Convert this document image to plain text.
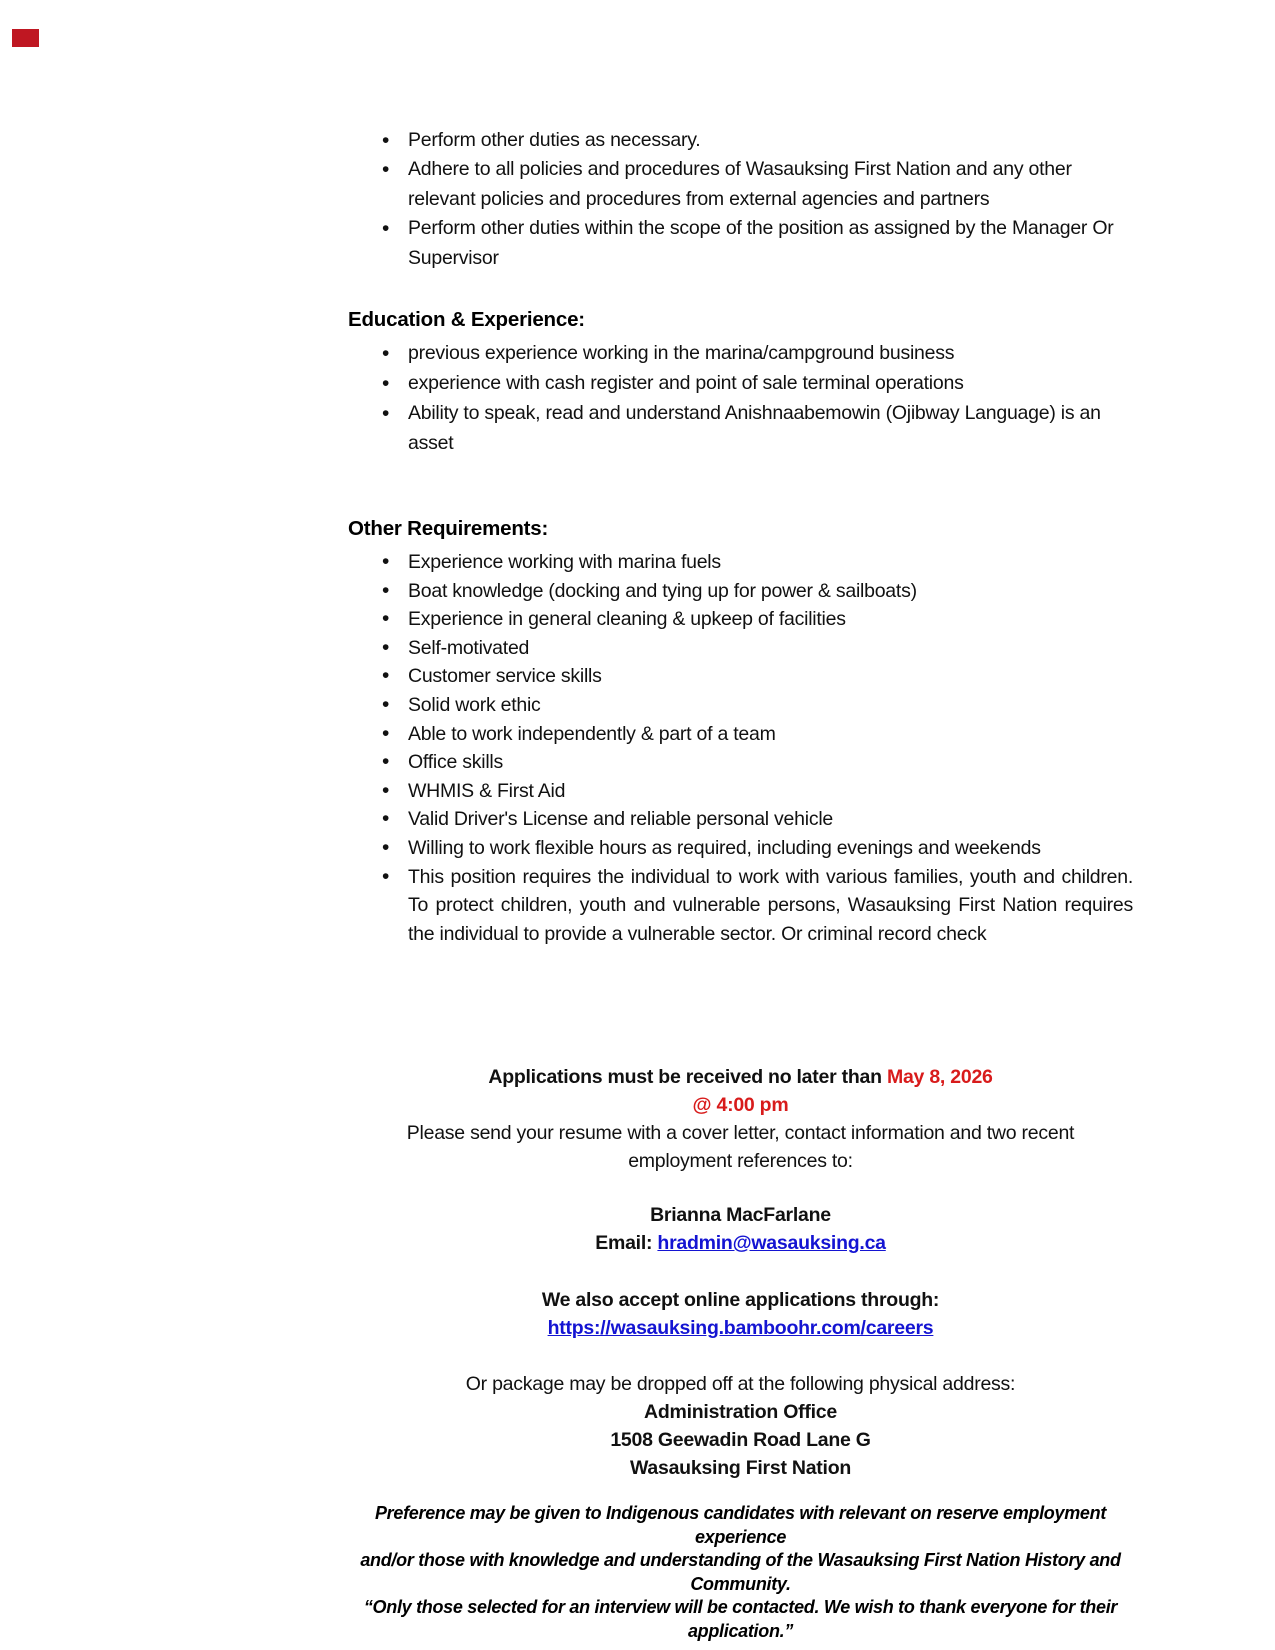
• Perform other duties as necessary.
• Adhere to all policies and procedures of Wasauksing First Nation and any other relevant policies and procedures from external agencies and partners
• Perform other duties within the scope of the position as assigned by the Manager Or Supervisor
Education & Experience:
• previous experience working in the marina/campground business
• experience with cash register and point of sale terminal operations
• Ability to speak, read and understand Anishnaabemowin (Ojibway Language) is an asset
Other Requirements:
• Experience working with marina fuels
• Boat knowledge (docking and tying up for power & sailboats)
• Experience in general cleaning & upkeep of facilities
• Self-motivated
• Customer service skills
• Solid work ethic
• Able to work independently & part of a team
• Office skills
• WHMIS & First Aid
• Valid Driver's License and reliable personal vehicle
• Willing to work flexible hours as required, including evenings and weekends
• This position requires the individual to work with various families, youth and children. To protect children, youth and vulnerable persons, Wasauksing First Nation requires the individual to provide a vulnerable sector. Or criminal record check
Applications must be received no later than May 8, 2026
@ 4:00 pm
Please send your resume with a cover letter, contact information and two recent
employment references to:
Brianna MacFarlane
Email: hradmin@wasauksing.ca
We also accept online applications through:
https://wasauksing.bamboohr.com/careers
Or package may be dropped off at the following physical address:
Administration Office
1508 Geewadin Road Lane G
Wasauksing First Nation
Preference may be given to Indigenous candidates with relevant on reserve employment experience
and/or those with knowledge and understanding of the Wasauksing First Nation History and Community.
“Only those selected for an interview will be contacted. We wish to thank everyone for their application.”
